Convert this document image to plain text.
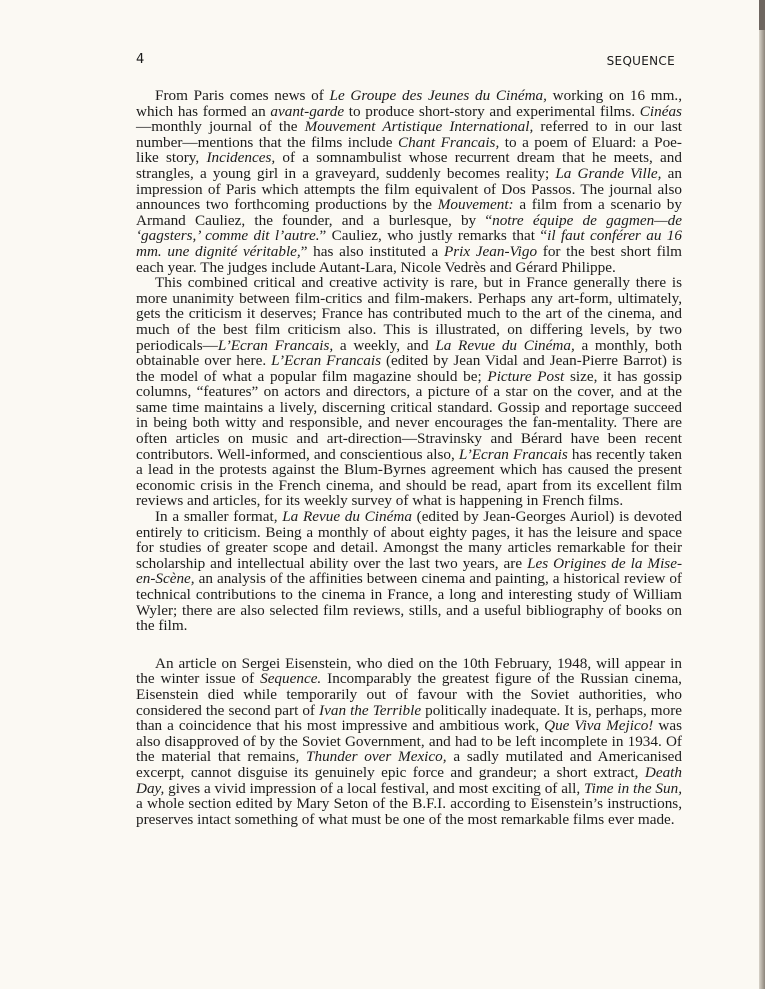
4	SEQUENCE

From Paris comes news of Le Groupe des Jeunes du Cinéma, working on 16 mm., which has formed an avant-garde to produce short-story and experimental films. Cinéas—monthly journal of the Mouvement Artistique International, referred to in our last number—mentions that the films include Chant Francais, to a poem of Eluard: a Poe-like story, Incidences, of a somnambulist whose recurrent dream that he meets, and strangles, a young girl in a graveyard, suddenly becomes reality; La Grande Ville, an impression of Paris which attempts the film equivalent of Dos Passos. The journal also announces two forthcoming productions by the Mouvement: a film from a scenario by Armand Cauliez, the founder, and a burlesque, by “notre équipe de gagmen—de ‘gagsters,’ comme dit l’autre.” Cauliez, who justly remarks that “il faut conférer au 16 mm. une dignité véritable,” has also instituted a Prix Jean-Vigo for the best short film each year. The judges include Autant-Lara, Nicole Vedrès and Gérard Philippe.

This combined critical and creative activity is rare, but in France generally there is more unanimity between film-critics and film-makers. Perhaps any art-form, ultimately, gets the criticism it deserves; France has contributed much to the art of the cinema, and much of the best film criticism also. This is illustrated, on differing levels, by two periodicals—L’Ecran Francais, a weekly, and La Revue du Cinéma, a monthly, both obtainable over here. L’Ecran Francais (edited by Jean Vidal and Jean-Pierre Barrot) is the model of what a popular film magazine should be; Picture Post size, it has gossip columns, “features” on actors and directors, a picture of a star on the cover, and at the same time maintains a lively, discerning critical standard. Gossip and reportage succeed in being both witty and responsible, and never encourages the fan-mentality. There are often articles on music and art-direction—Stravinsky and Bérard have been recent contributors. Well-informed, and conscientious also, L’Ecran Francais has recently taken a lead in the protests against the Blum-Byrnes agreement which has caused the present economic crisis in the French cinema, and should be read, apart from its excellent film reviews and articles, for its weekly survey of what is happening in French films.

In a smaller format, La Revue du Cinéma (edited by Jean-Georges Auriol) is devoted entirely to criticism. Being a monthly of about eighty pages, it has the leisure and space for studies of greater scope and detail. Amongst the many articles remarkable for their scholarship and intellectual ability over the last two years, are Les Origines de la Mise-en-Scène, an analysis of the affinities between cinema and painting, a historical review of technical contributions to the cinema in France, a long and interesting study of William Wyler; there are also selected film reviews, stills, and a useful bibliography of books on the film.

An article on Sergei Eisenstein, who died on the 10th February, 1948, will appear in the winter issue of Sequence. Incomparably the greatest figure of the Russian cinema, Eisenstein died while temporarily out of favour with the Soviet authorities, who considered the second part of Ivan the Terrible politically inadequate. It is, perhaps, more than a coincidence that his most impressive and ambitious work, Que Viva Mejico! was also disapproved of by the Soviet Government, and had to be left incomplete in 1934. Of the material that remains, Thunder over Mexico, a sadly mutilated and Americanised excerpt, cannot disguise its genuinely epic force and grandeur; a short extract, Death Day, gives a vivid impression of a local festival, and most exciting of all, Time in the Sun, a whole section edited by Mary Seton of the B.F.I. according to Eisenstein’s instructions, preserves intact something of what must be one of the most remarkable films ever made.
